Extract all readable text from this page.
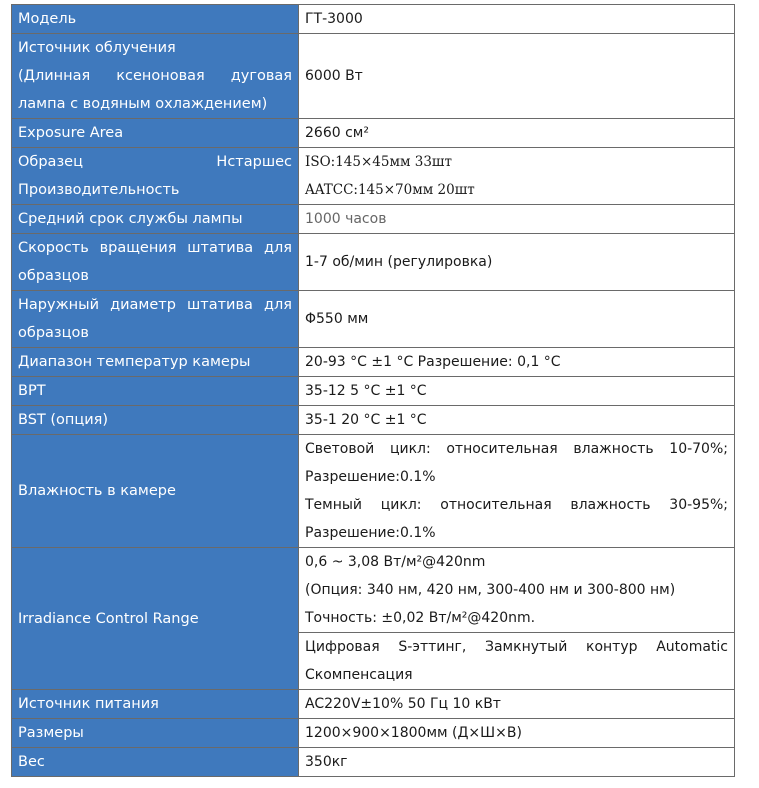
Модель	ГТ-3000

Источник облучения
(Длинная ксеноновая дуговая
лампа с водяным охлаждением)	6000 Вт
Exposure Area	2660 см²

Образец Нстаршес
Производительность	ISO:145×45мм 33шт
AATCC:145×70мм 20шт

Средний срок службы лампы	1000 часов

Скорость вращения штатива для
образцов	1-7 об/мин (регулировка)

Наружный диаметр штатива для
образцов	Φ550 мм
Диапазон температур камеры	20-93 °C ±1 °C Разрешение: 0,1 °C
BPT	35-12 5 °C ±1 °C
BST (опция)	35-1 20 °C ±1 °C
Влажность в камере	Световой цикл: относительная влажность 10-70%;
Разрешение:0.1%
Темный цикл: относительная влажность 30-95%;
Разрешение:0.1%

Irradiance Control Range	0,6 ~ 3,08 Вт/м²@420nm
(Опция: 340 нм, 420 нм, 300-400 нм и 300-800 нм)
Точность: ±0,02 Вт/м²@420nm.

	Цифровая S-эттинг, Замкнутый контур Automatic
Скомпенсация

Источник питания	AC220V±10% 50 Гц 10 кВт
Размеры	1200×900×1800мм (Д×Ш×В)
Вес	350кг
